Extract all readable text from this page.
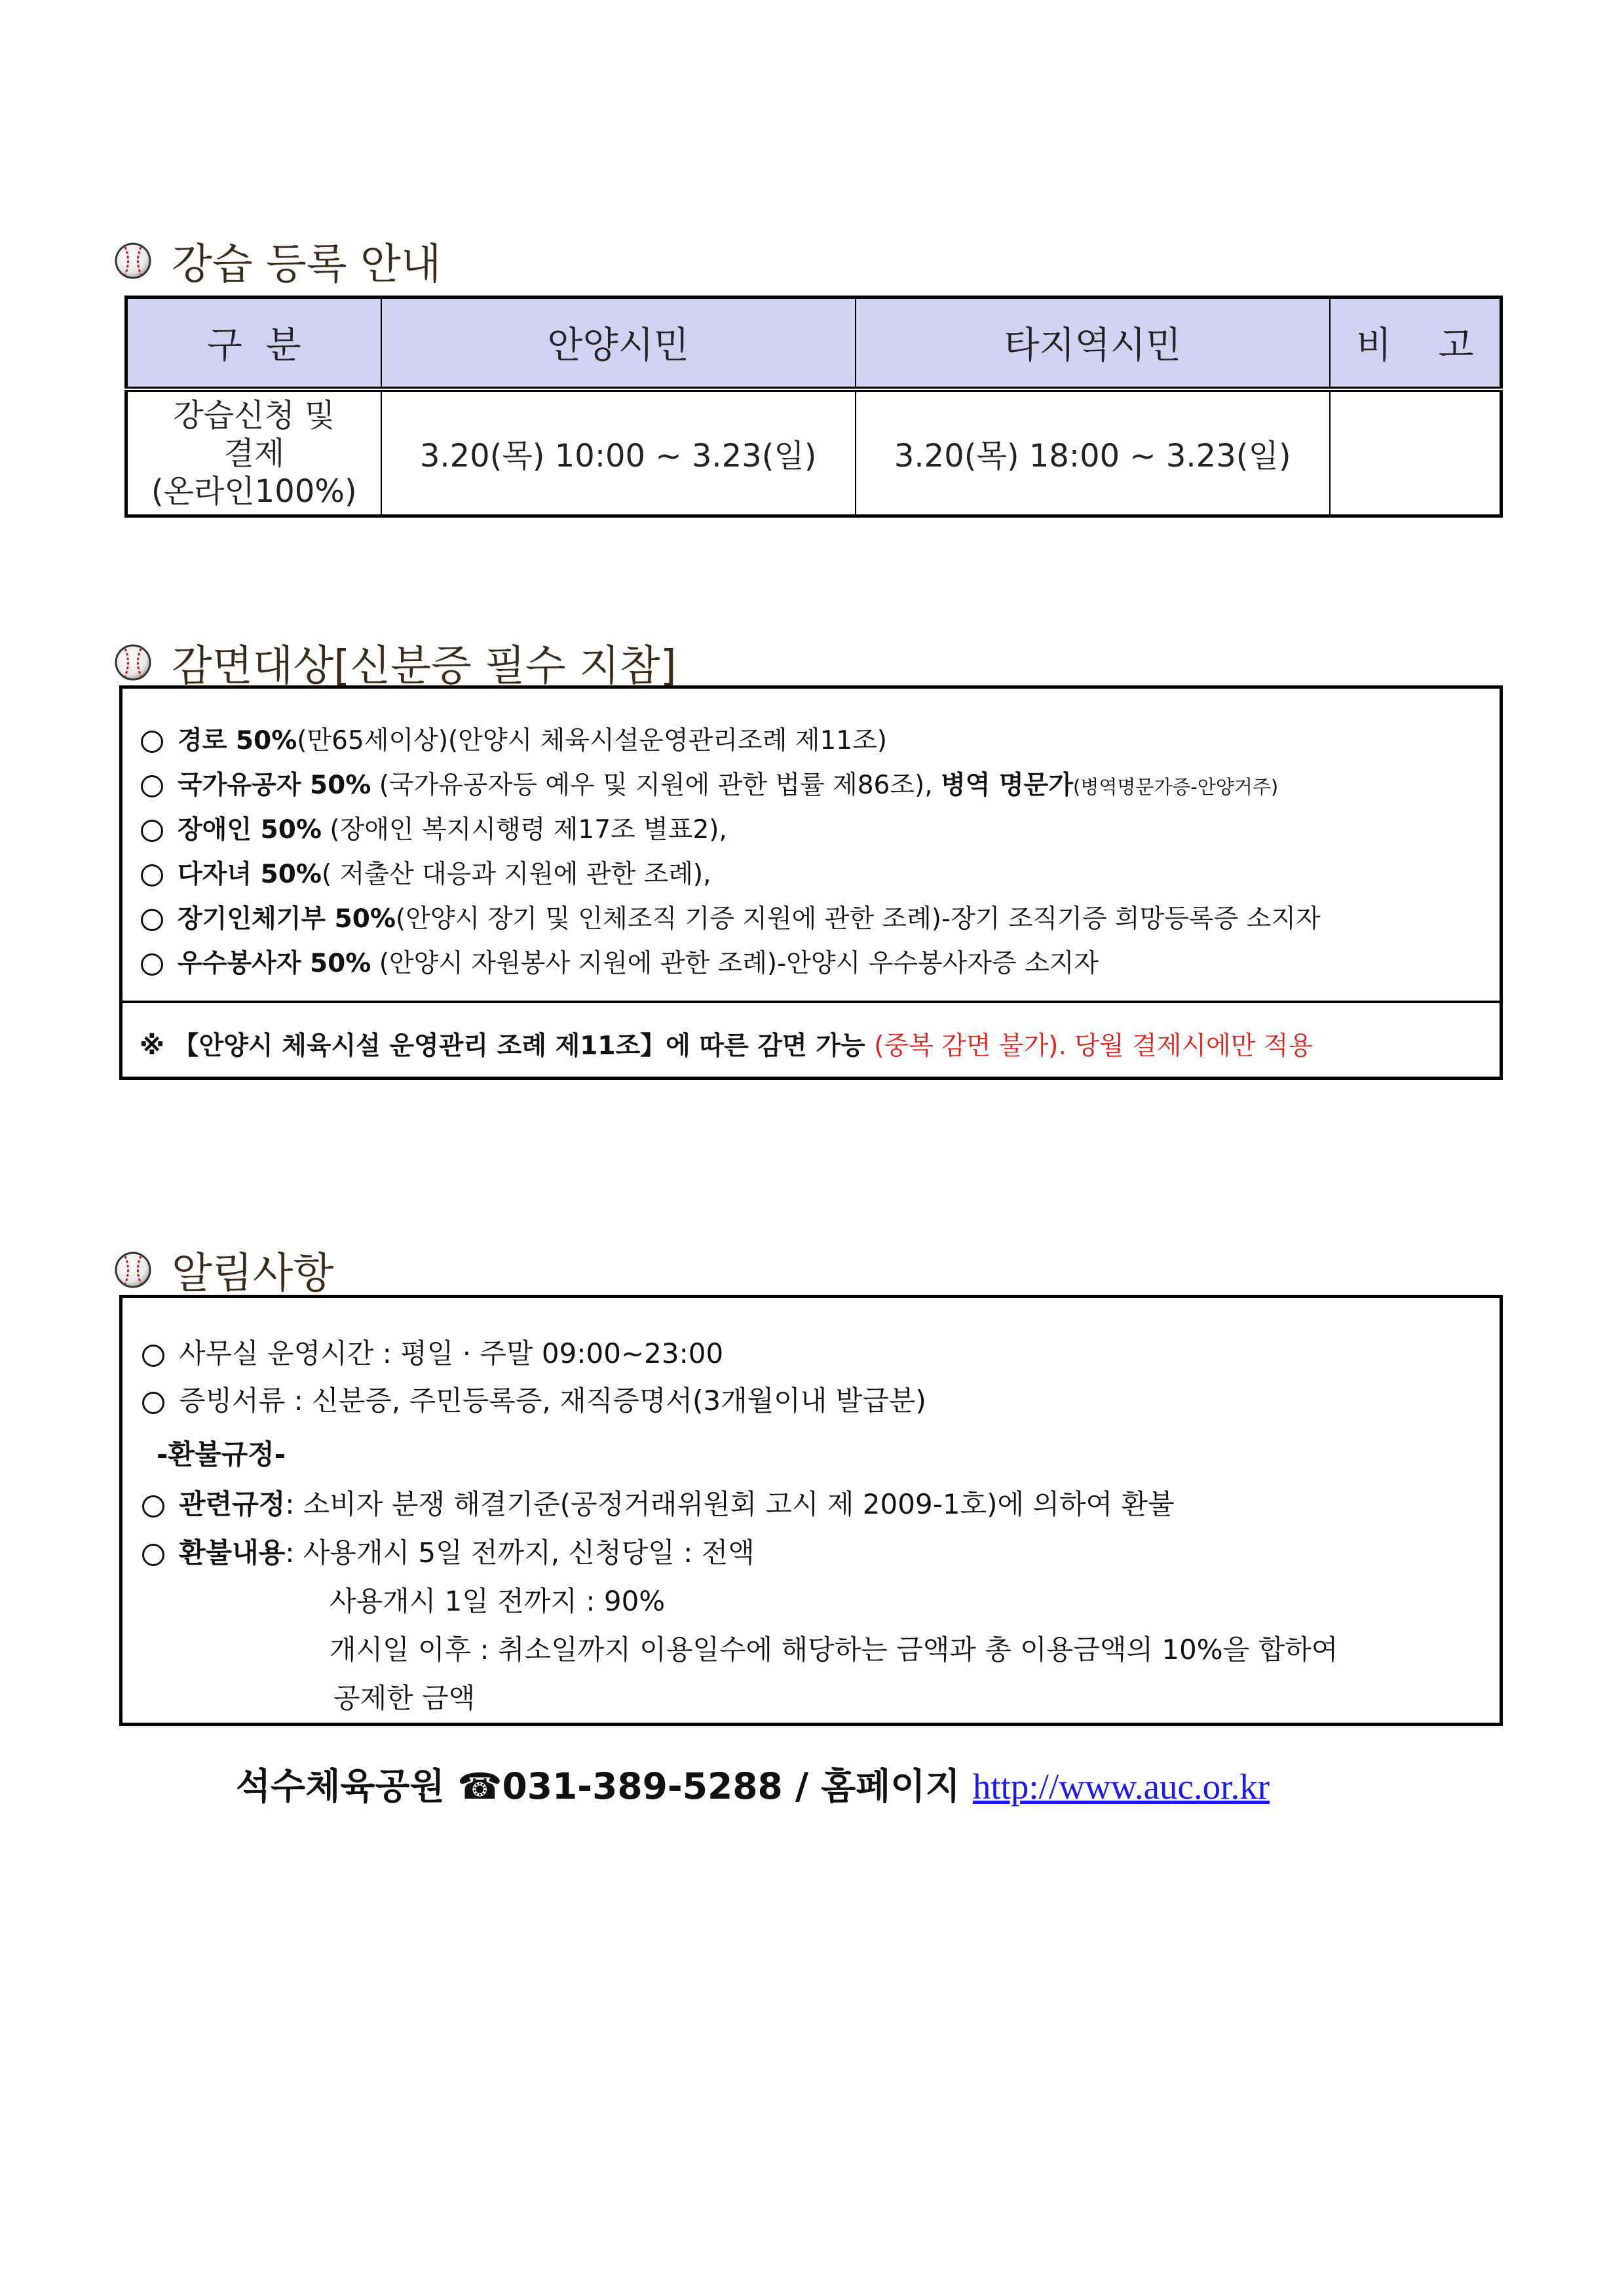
강습 등록 안내
구  분	안양시민	타지역시민	비    고

강습신청 및
결제
(온라인100%)	3.20(목) 10:00 ~ 3.23(일)	3.20(목) 18:00 ~ 3.23(일)	
감면대상[신분증 필수 지참]
경로 50%(만65세이상)(안양시 체육시설운영관리조례 제11조)
국가유공자 50% (국가유공자등 예우 및 지원에 관한 법률 제86조), 병역 명문가(병역명문가증-안양거주)
장애인 50% (장애인 복지시행령 제17조 별표2),
다자녀 50%( 저출산 대응과 지원에 관한 조례),
장기인체기부 50%(안양시 장기 및 인체조직 기증 지원에 관한 조례)-장기 조직기증 희망등록증 소지자
우수봉사자 50% (안양시 자원봉사 지원에 관한 조례)-안양시 우수봉사자증 소지자
※ 【안양시 체육시설 운영관리 조례 제11조】에 따른 감면 가능 (중복 감면 불가). 당월 결제시에만 적용
알림사항
사무실 운영시간 : 평일 · 주말 09:00~23:00
증빙서류 : 신분증, 주민등록증, 재직증명서(3개월이내 발급분)
-환불규정-
관련규정: 소비자 분쟁 해결기준(공정거래위원회 고시 제 2009-1호)에 의하여 환불
환불내용: 사용개시 5일 전까지, 신청당일 : 전액
사용개시 1일 전까지 : 90%
개시일 이후 : 취소일까지 이용일수에 해당하는 금액과 총 이용금액의 10%을 합하여
공제한 금액
석수체육공원 ☎031-389-5288 / 홈페이지 http://www.auc.or.kr
